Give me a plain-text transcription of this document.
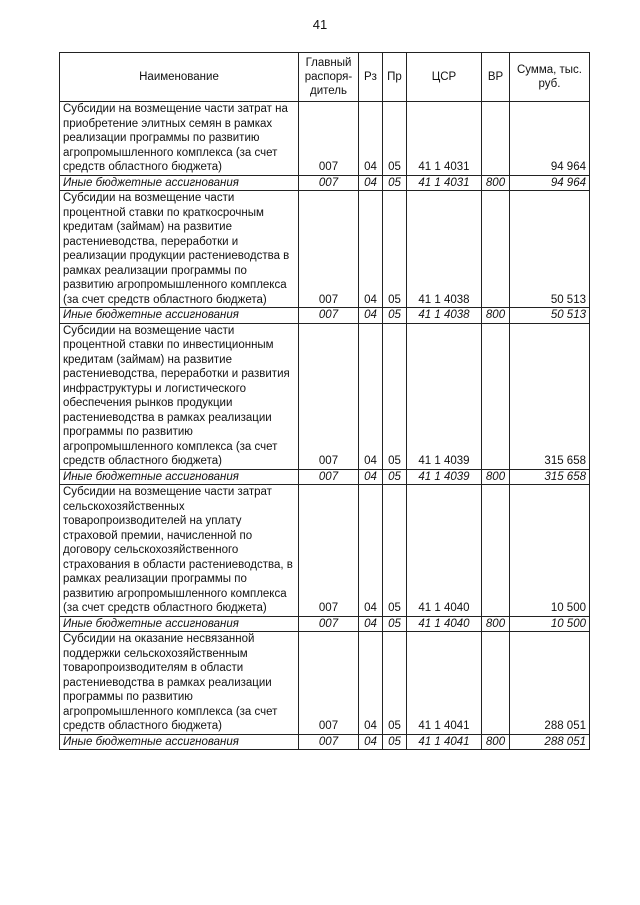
41
Наименование	Главный распоря-дитель	Рз	Пр	ЦСР	ВР	Сумма, тыс. руб.
Субсидии на возмещение части затрат на приобретение элитных семян в рамках реализации программы по развитию агропромышленного комплекса (за счет средств областного бюджета)	007	04	05	41 1 4031		94 964
Иные бюджетные ассигнования	007	04	05	41 1 4031	800	94 964
Субсидии на возмещение части процентной ставки по краткосрочным кредитам (займам) на развитие растениеводства, переработки и реализации продукции растениеводства в рамках реализации программы по развитию агропромышленного комплекса (за счет средств областного бюджета)	007	04	05	41 1 4038		50 513
Иные бюджетные ассигнования	007	04	05	41 1 4038	800	50 513
Субсидии на возмещение части процентной ставки по инвестиционным кредитам (займам) на развитие растениеводства, переработки и развития инфраструктуры и логистического обеспечения рынков продукции растениеводства в рамках реализации программы по развитию агропромышленного комплекса (за счет средств областного бюджета)	007	04	05	41 1 4039		315 658
Иные бюджетные ассигнования	007	04	05	41 1 4039	800	315 658
Субсидии на возмещение части затрат сельскохозяйственных товаропроизводителей на уплату страховой премии, начисленной по договору сельскохозяйственного страхования в области растениеводства, в рамках реализации программы по развитию агропромышленного комплекса (за счет средств областного бюджета)	007	04	05	41 1 4040		10 500
Иные бюджетные ассигнования	007	04	05	41 1 4040	800	10 500
Субсидии на оказание несвязанной поддержки сельскохозяйственным товаропроизводителям в области растениеводства в рамках реализации программы по развитию агропромышленного комплекса (за счет средств областного бюджета)	007	04	05	41 1 4041		288 051
Иные бюджетные ассигнования	007	04	05	41 1 4041	800	288 051
